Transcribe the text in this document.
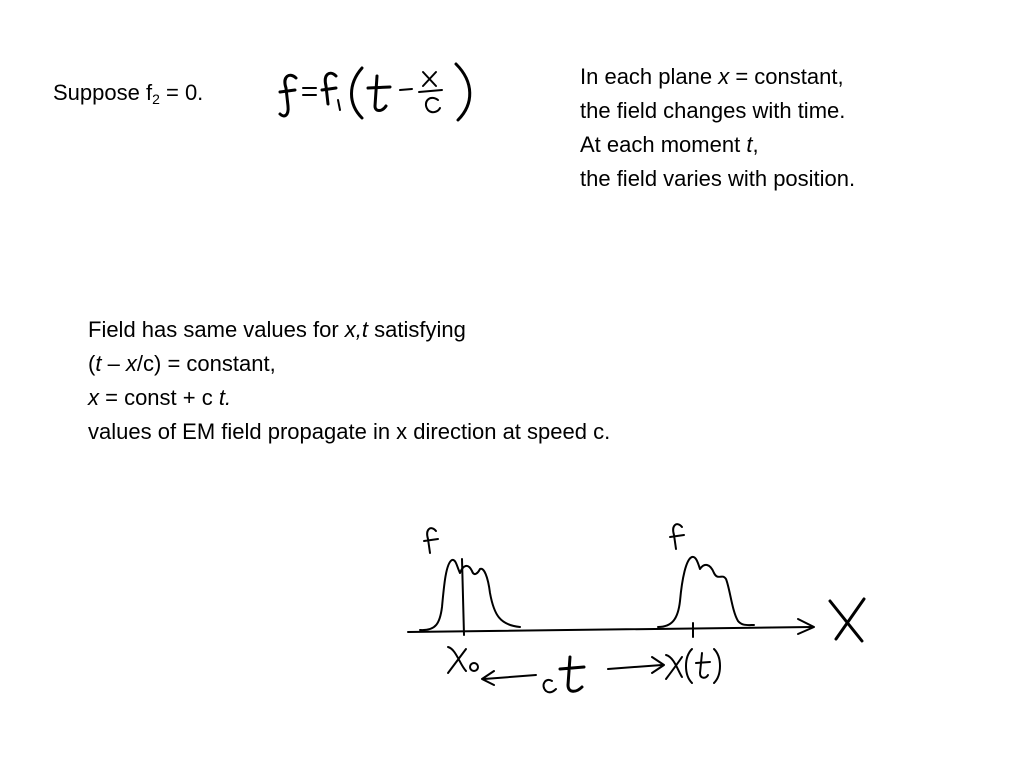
Suppose $f_2 = 0$.
In each plane x = constant,
the field changes with time.
At each moment t,
the field varies with position.
Field has same values for x,t satisfying
(t – x/c) = constant,
x = const + c t.
values of EM field propagate in x direction at speed c.
